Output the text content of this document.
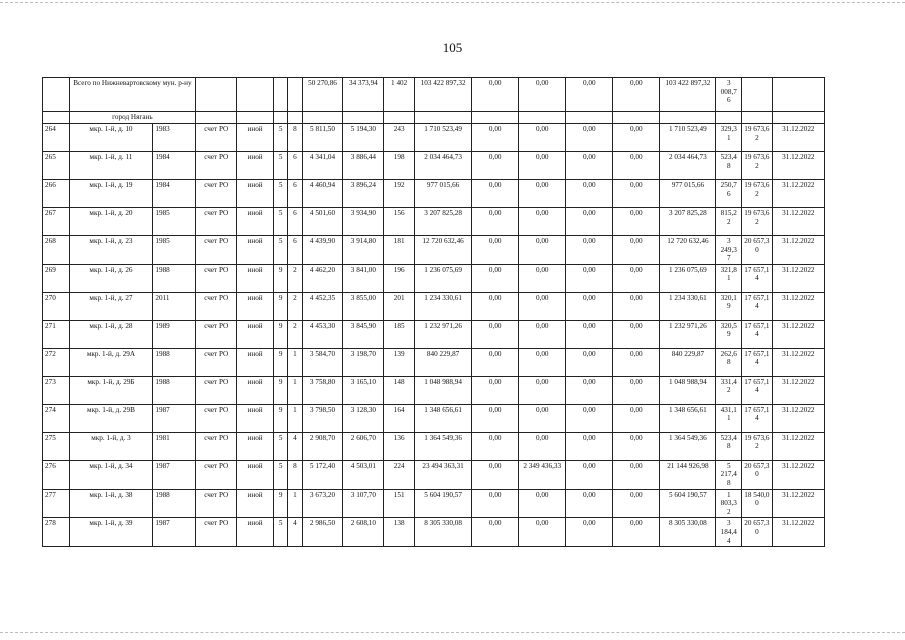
105
	Всего по Нижневартовскому мун. р-ну						50 270,86	34 373,94	1 402	103 422 897,32	0,00	0,00	0,00	0,00	103 422 897,32	3 008,7 6		
	город Нягань																	
264	мкр. 1-й, д. 10	1983	счет РО	иной	5	8	5 811,50	5 194,30	243	1 710 523,49	0,00	0,00	0,00	0,00	1 710 523,49	329,3 1	19 673,6 2	31.12.2022
265	мкр. 1-й, д. 11	1984	счет РО	иной	5	6	4 341,04	3 886,44	198	2 034 464,73	0,00	0,00	0,00	0,00	2 034 464,73	523,4 8	19 673,6 2	31.12.2022
266	мкр. 1-й, д. 19	1984	счет РО	иной	5	6	4 460,94	3 896,24	192	977 015,66	0,00	0,00	0,00	0,00	977 015,66	250,7 6	19 673,6 2	31.12.2022
267	мкр. 1-й, д. 20	1985	счет РО	иной	5	6	4 501,60	3 934,90	156	3 207 825,28	0,00	0,00	0,00	0,00	3 207 825,28	815,2 2	19 673,6 2	31.12.2022
268	мкр. 1-й, д. 23	1985	счет РО	иной	5	6	4 439,90	3 914,80	181	12 720 632,46	0,00	0,00	0,00	0,00	12 720 632,46	3 249,3 7	20 657,3 0	31.12.2022
269	мкр. 1-й, д. 26	1988	счет РО	иной	9	2	4 462,20	3 841,00	196	1 236 075,69	0,00	0,00	0,00	0,00	1 236 075,69	321,8 1	17 657,1 4	31.12.2022
270	мкр. 1-й, д. 27	2011	счет РО	иной	9	2	4 452,35	3 855,00	201	1 234 330,61	0,00	0,00	0,00	0,00	1 234 330,61	320,1 9	17 657,1 4	31.12.2022
271	мкр. 1-й, д. 28	1989	счет РО	иной	9	2	4 453,30	3 845,90	185	1 232 971,26	0,00	0,00	0,00	0,00	1 232 971,26	320,5 9	17 657,1 4	31.12.2022
272	мкр. 1-й, д. 29А	1988	счет РО	иной	9	1	3 584,70	3 198,70	139	840 229,87	0,00	0,00	0,00	0,00	840 229,87	262,6 8	17 657,1 4	31.12.2022
273	мкр. 1-й, д. 29Б	1988	счет РО	иной	9	1	3 758,80	3 165,10	148	1 048 988,94	0,00	0,00	0,00	0,00	1 048 988,94	331,4 2	17 657,1 4	31.12.2022
274	мкр. 1-й, д. 29В	1987	счет РО	иной	9	1	3 798,50	3 128,30	164	1 348 656,61	0,00	0,00	0,00	0,00	1 348 656,61	431,1 1	17 657,1 4	31.12.2022
275	мкр. 1-й, д. 3	1981	счет РО	иной	5	4	2 908,70	2 606,70	136	1 364 549,36	0,00	0,00	0,00	0,00	1 364 549,36	523,4 8	19 673,6 2	31.12.2022
276	мкр. 1-й, д. 34	1987	счет РО	иной	5	8	5 172,40	4 503,01	224	23 494 363,31	0,00	2 349 436,33	0,00	0,00	21 144 926,98	5 217,4 8	20 657,3 0	31.12.2022
277	мкр. 1-й, д. 38	1988	счет РО	иной	9	1	3 673,20	3 107,70	151	5 604 190,57	0,00	0,00	0,00	0,00	5 604 190,57	1 803,3 2	18 540,0 0	31.12.2022
278	мкр. 1-й, д. 39	1987	счет РО	иной	5	4	2 986,50	2 608,10	138	8 305 330,08	0,00	0,00	0,00	0,00	8 305 330,08	3 184,4 4	20 657,3 0	31.12.2022
